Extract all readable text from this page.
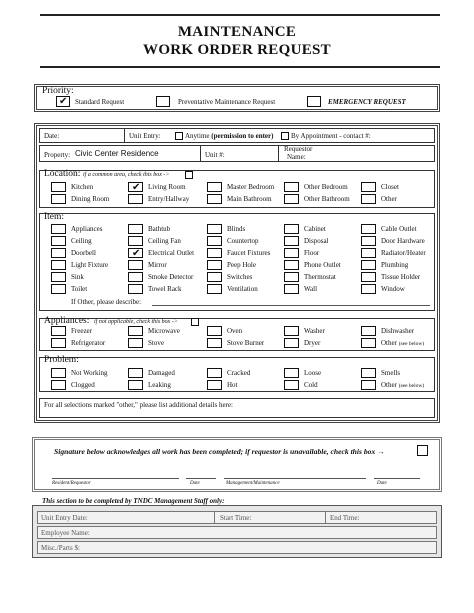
MAINTENANCE
WORK ORDER REQUEST
Priority:
✔ Standard Request	Preventative Maintenance Request	EMERGENCY REQUEST
Date:	Unit Entry:	Anytime (permission to enter)	By Appointment - contact #:
Property: Civic Center Residence	Unit #:
Requestor
Name:
Location: if a common area, check this box ->
Kitchen	✔ Living Room	Master Bedroom	Other Bedroom	Closet
Dining Room	Entry/Hallway	Main Bathroom	Other Bathroom	Other
Item:
Appliances	Bathtub	Blinds	Cabinet	Cable Outlet
Ceiling	Ceiling Fan	Countertop	Disposal	Door Hardware
Doorbell	✔ Electrical Outlet	Faucet Fixtures	Floor	Radiator/Heater
Light Fixture	Mirror	Peep Hole	Phone Outlet	Plumbing
Sink	Smoke Detector	Switches	Thermostat	Tissue Holder
Toilet	Towel Rack	Ventilation	Wall	Window
If Other, please describe:
Appliances: if not applicable, check this box ->
Freezer	Microwave	Oven	Washer	Dishwasher
Refrigerator	Stove	Stove Burner	Dryer	Other (see below)
Problem:
Not Working	Damaged	Cracked	Loose	Smells
Clogged	Leaking	Hot	Cold	Other (see below)
For all selections marked "other," please list additional details here:
Signature below acknowledges all work has been completed; if requestor is unavailable, check this box →
Resident/Requestor	Date	Management/Maintenance	Date
This section to be completed by TNDC Management Staff only:
Unit Entry Date:	Start Time:	End Time:
Employee Name:
Misc./Parts $:
